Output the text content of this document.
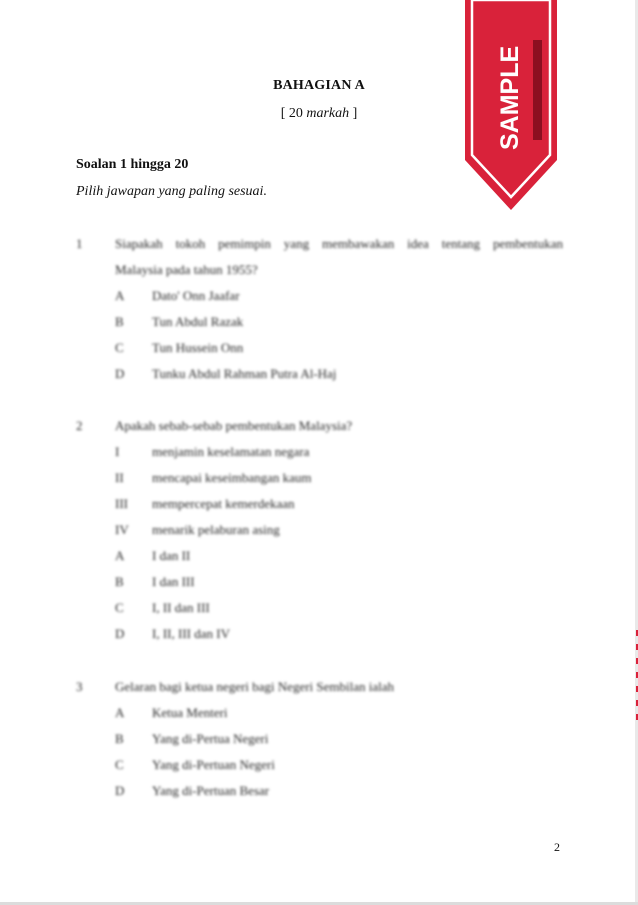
SAMPLE
BAHAGIAN A
[ 20 markah ]
Soalan 1 hingga 20
Pilih jawapan yang paling sesuai.
1	Siapakah tokoh pemimpin yang membawakan idea tentang pembentukan
Malaysia pada tahun 1955?
A Dato' Onn Jaafar
B Tun Abdul Razak
C Tun Hussein Onn
D Tunku Abdul Rahman Putra Al-Haj
2	Apakah sebab-sebab pembentukan Malaysia?
I	menjamin keselamatan negara
II mencapai keseimbangan kaum
III mempercepat kemerdekaan
IV menarik pelaburan asing
A I dan II
B I dan III
C I, II dan III
D I, II, III dan IV
3	Gelaran bagi ketua negeri bagi Negeri Sembilan ialah
A Ketua Menteri
B Yang di-Pertua Negeri
C Yang di-Pertuan Negeri
D Yang di-Pertuan Besar
2
